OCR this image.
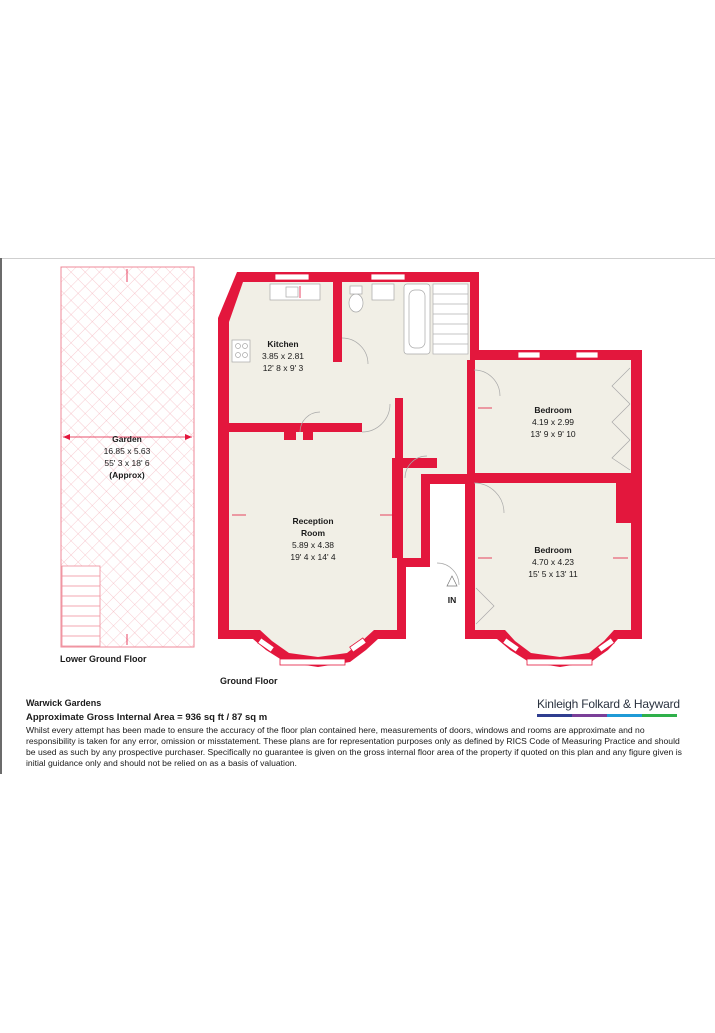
Garden
16.85 x 5.63
55' 3 x 18' 6
(Approx)
Kitchen
3.85 x 2.81
12' 8 x 9' 3
Reception
Room
5.89 x 4.38
19' 4 x 14' 4
Bedroom
4.19 x 2.99
13' 9 x 9' 10
Bedroom
4.70 x 4.23
15' 5 x 13' 11
IN
Lower Ground Floor
Ground Floor

Warwick Gardens

Approximate Gross Internal Area = 936 sq ft / 87 sq m

Whilst every attempt has been made to ensure the accuracy of the floor plan contained here, measurements of doors, windows and rooms are approximate and no responsibility is taken for any error, omission or misstatement. These plans are for representation purposes only as defined by RICS Code of Measuring Practice and should be used as such by any prospective purchaser. Specifically no guarantee is given on the gross internal floor area of the property if quoted on this plan and any figure given is initial guidance only and should not be relied on as a basis of valuation.

Kinleigh Folkard & Hayward
